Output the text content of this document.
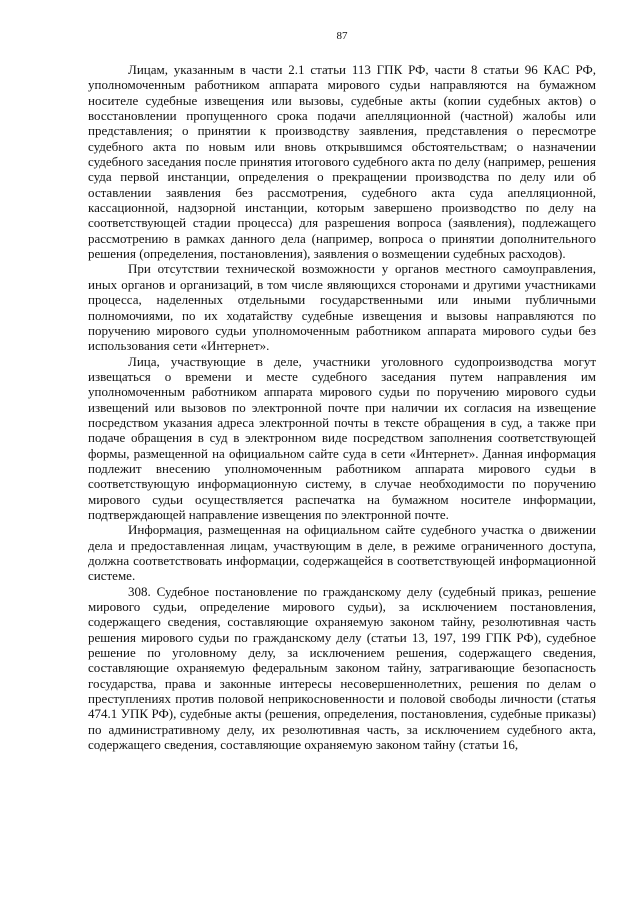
87

Лицам, указанным в части 2.1 статьи 113 ГПК РФ, части 8 статьи 96 КАС РФ, уполномоченным работником аппарата мирового судьи направляются на бумажном носителе судебные извещения или вызовы, судебные акты (копии судебных актов) о восстановлении пропущенного срока подачи апелляционной (частной) жалобы или представления; о принятии к производству заявления, представления о пересмотре судебного акта по новым или вновь открывшимся обстоятельствам; о назначении судебного заседания после принятия итогового судебного акта по делу (например, решения суда первой инстанции, определения о прекращении производства по делу или об оставлении заявления без рассмотрения, судебного акта суда апелляционной, кассационной, надзорной инстанции, которым завершено производство по делу на соответствующей стадии процесса) для разрешения вопроса (заявления), подлежащего рассмотрению в рамках данного дела (например, вопроса о принятии дополнительного решения (определения, постановления), заявления о возмещении судебных расходов).

При отсутствии технической возможности у органов местного самоуправления, иных органов и организаций, в том числе являющихся сторонами и другими участниками процесса, наделенных отдельными государственными или иными публичными полномочиями, по их ходатайству судебные извещения и вызовы направляются по поручению мирового судьи уполномоченным работником аппарата мирового судьи без использования сети «Интернет».

Лица, участвующие в деле, участники уголовного судопроизводства могут извещаться о времени и месте судебного заседания путем направления им уполномоченным работником аппарата мирового судьи по поручению мирового судьи извещений или вызовов по электронной почте при наличии их согласия на извещение посредством указания адреса электронной почты в тексте обращения в суд, а также при подаче обращения в суд в электронном виде посредством заполнения соответствующей формы, размещенной на официальном сайте суда в сети «Интернет». Данная информация подлежит внесению уполномоченным работником аппарата мирового судьи в соответствующую информационную систему, в случае необходимости по поручению мирового судьи осуществляется распечатка на бумажном носителе информации, подтверждающей направление извещения по электронной почте.

Информация, размещенная на официальном сайте судебного участка о движении дела и предоставленная лицам, участвующим в деле, в режиме ограниченного доступа, должна соответствовать информации, содержащейся в соответствующей информационной системе.

308. Судебное постановление по гражданскому делу (судебный приказ, решение мирового судьи, определение мирового судьи), за исключением постановления, содержащего сведения, составляющие охраняемую законом тайну, резолютивная часть решения мирового судьи по гражданскому делу (статьи 13, 197, 199 ГПК РФ), судебное решение по уголовному делу, за исключением решения, содержащего сведения, составляющие охраняемую федеральным законом тайну, затрагивающие безопасность государства, права и законные интересы несовершеннолетних, решения по делам о преступлениях против половой неприкосновенности и половой свободы личности (статья 474.1 УПК РФ), судебные акты (решения, определения, постановления, судебные приказы) по административному делу, их резолютивная часть, за исключением судебного акта, содержащего сведения, составляющие охраняемую законом тайну (статьи 16,
